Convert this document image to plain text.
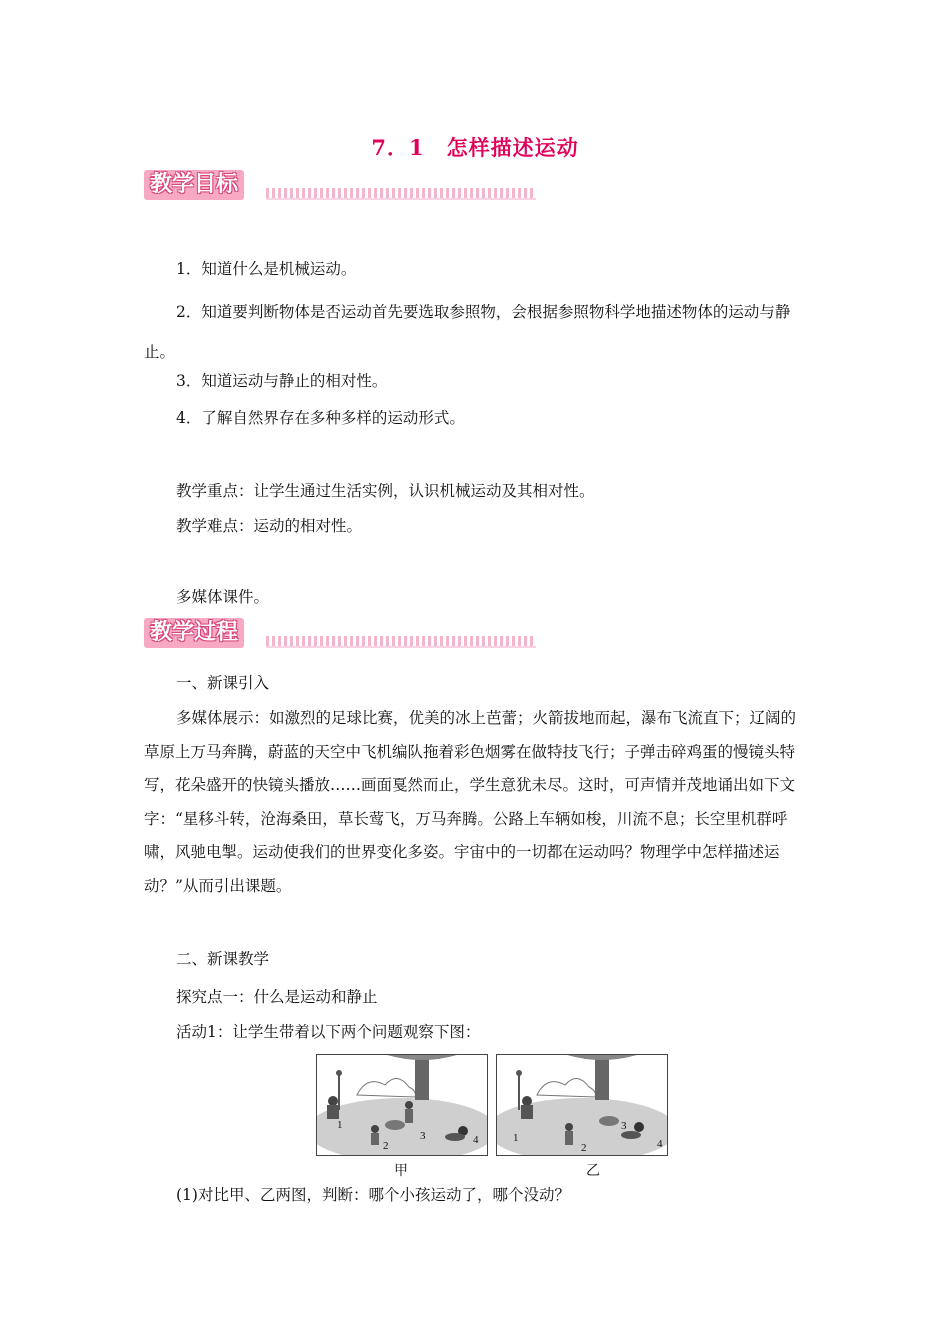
7．1　怎样描述运动
教学目标
1．知道什么是机械运动。
2．知道要判断物体是否运动首先要选取参照物，会根据参照物科学地描述物体的运动与静止。
3．知道运动与静止的相对性。
4．了解自然界存在多种多样的运动形式。
教学重点：让学生通过生活实例，认识机械运动及其相对性。
教学难点：运动的相对性。
多媒体课件。
教学过程
一、新课引入
多媒体展示：如激烈的足球比赛，优美的冰上芭蕾；火箭拔地而起，瀑布飞流直下；辽阔的草原上万马奔腾，蔚蓝的天空中飞机编队拖着彩色烟雾在做特技飞行；子弹击碎鸡蛋的慢镜头特写，花朵盛开的快镜头播放……画面戛然而止，学生意犹未尽。这时，可声情并茂地诵出如下文字：“星移斗转，沧海桑田，草长莺飞，万马奔腾。公路上车辆如梭，川流不息；长空里机群呼啸，风驰电掣。运动使我们的世界变化多姿。宇宙中的一切都在运动吗？物理学中怎样描述运动？”从而引出课题。
二、新课教学
探究点一：什么是运动和静止
活动1：让学生带着以下两个问题观察下图：
1
2
3	4	1
2
3
4
甲	乙
(1)对比甲、乙两图，判断：哪个小孩运动了，哪个没动？
